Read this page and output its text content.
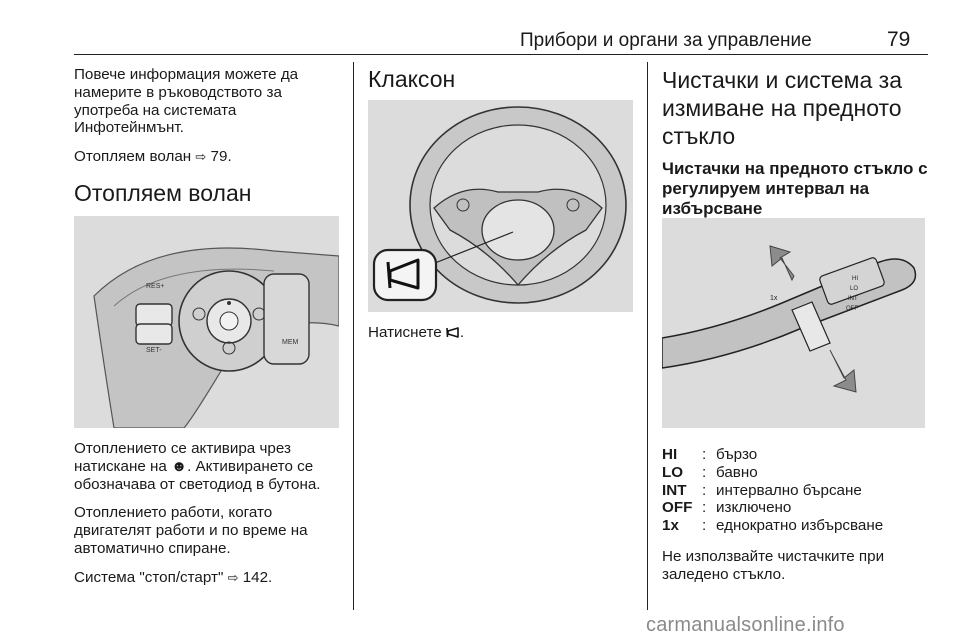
Прибори и органи за управление	79

Повече информация можете да намерите в ръководството за употреба на системата Инфотейнмънт.

Отопляем волан ⇨ 79.

Отопляем волан
RES+
SET-
MEM

Отоплението се активира чрез натискане на ☻. Активирането се обозначава от светодиод в бутона.

Отоплението работи, когато двигателят работи и по време на автоматично спиране.

Система "стоп/старт" ⇨ 142.

Клаксон

Натиснете .

Чистачки и система за измиване на предното стъкло
Чистачки на предното стъкло с регулируем интервал на избърсване
HI
LO
INT
OFF
1x
HI	: бързо
LO	: бавно
INT	: интервално бърсане
OFF : изключено
1x	: еднократно избърсване

Не използвайте чистачките при заледено стъкло.

carmanualsonline.info
